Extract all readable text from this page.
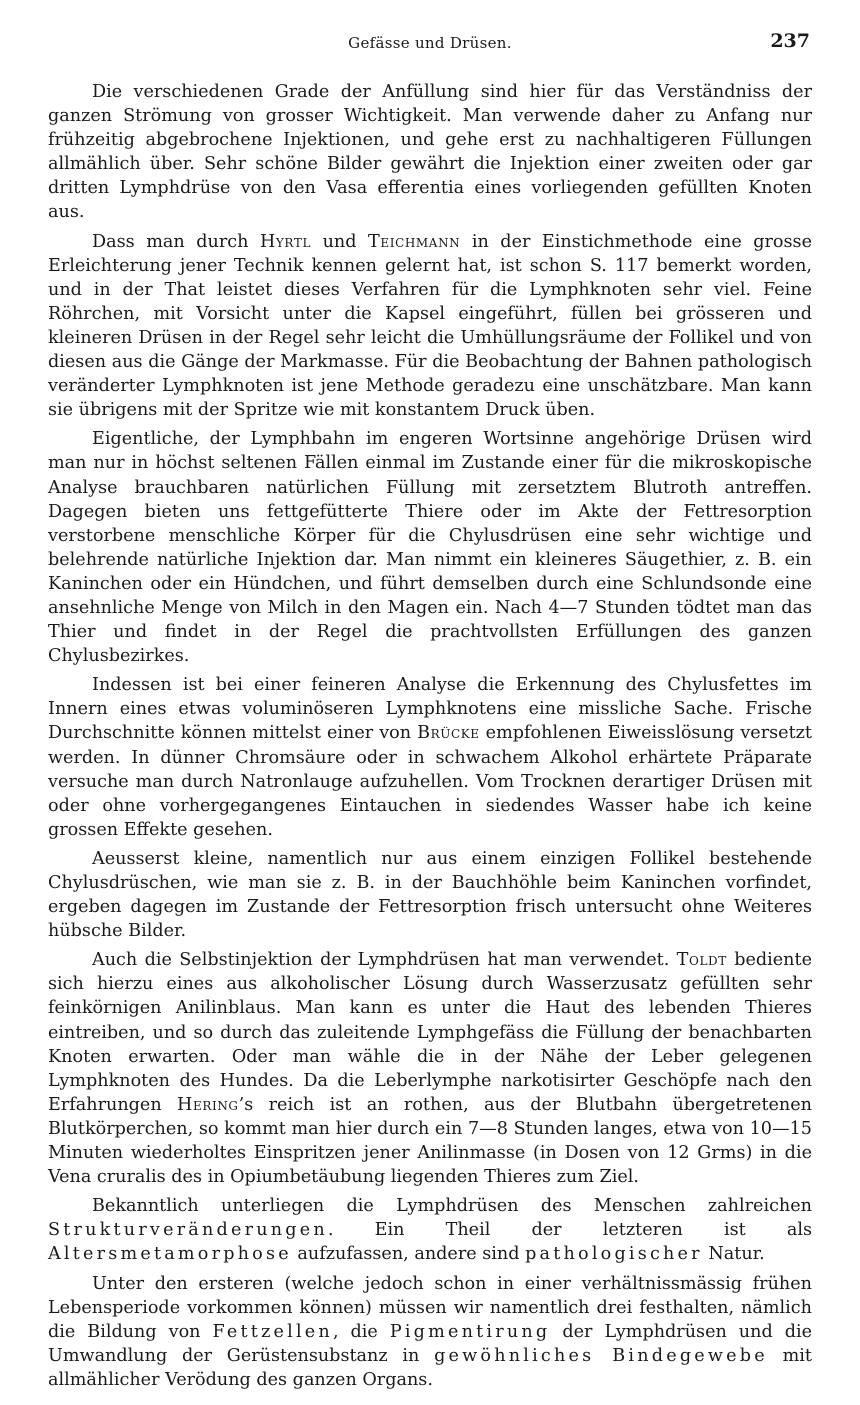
Gefässe und Drüsen.	237

Die verschiedenen Grade der Anfüllung sind hier für das Verständniss der ganzen Strömung von grosser Wichtigkeit. Man verwende daher zu Anfang nur frühzeitig abgebrochene Injektionen, und gehe erst zu nachhaltigeren Füllungen allmählich über. Sehr schöne Bilder gewährt die Injektion einer zweiten oder gar dritten Lymphdrüse von den Vasa efferentia eines vorliegenden gefüllten Knoten aus.

Dass man durch Hyrtl und Teichmann in der Einstichmethode eine grosse Erleichterung jener Technik kennen gelernt hat, ist schon S. 117 bemerkt worden, und in der That leistet dieses Verfahren für die Lymphknoten sehr viel. Feine Röhrchen, mit Vorsicht unter die Kapsel eingeführt, füllen bei grösseren und kleineren Drüsen in der Regel sehr leicht die Umhüllungsräume der Follikel und von diesen aus die Gänge der Markmasse. Für die Beobachtung der Bahnen pathologisch veränderter Lymphknoten ist jene Methode geradezu eine unschätzbare. Man kann sie übrigens mit der Spritze wie mit konstantem Druck üben.

Eigentliche, der Lymphbahn im engeren Wortsinne angehörige Drüsen wird man nur in höchst seltenen Fällen einmal im Zustande einer für die mikroskopische Analyse brauchbaren natürlichen Füllung mit zersetztem Blutroth antreffen. Dagegen bieten uns fettgefütterte Thiere oder im Akte der Fettresorption verstorbene menschliche Körper für die Chylusdrüsen eine sehr wichtige und belehrende natürliche Injektion dar. Man nimmt ein kleineres Säugethier, z. B. ein Kaninchen oder ein Hündchen, und führt demselben durch eine Schlundsonde eine ansehnliche Menge von Milch in den Magen ein. Nach 4—7 Stunden tödtet man das Thier und findet in der Regel die prachtvollsten Erfüllungen des ganzen Chylusbezirkes.

Indessen ist bei einer feineren Analyse die Erkennung des Chylusfettes im Innern eines etwas voluminöseren Lymphknotens eine missliche Sache. Frische Durchschnitte können mittelst einer von Brücke empfohlenen Eiweisslösung versetzt werden. In dünner Chromsäure oder in schwachem Alkohol erhärtete Präparate versuche man durch Natronlauge aufzuhellen. Vom Trocknen derartiger Drüsen mit oder ohne vorhergegangenes Eintauchen in siedendes Wasser habe ich keine grossen Effekte gesehen.

Aeusserst kleine, namentlich nur aus einem einzigen Follikel bestehende Chylusdrüschen, wie man sie z. B. in der Bauchhöhle beim Kaninchen vorfindet, ergeben dagegen im Zustande der Fettresorption frisch untersucht ohne Weiteres hübsche Bilder.

Auch die Selbstinjektion der Lymphdrüsen hat man verwendet. Toldt bediente sich hierzu eines aus alkoholischer Lösung durch Wasserzusatz gefüllten sehr feinkörnigen Anilinblaus. Man kann es unter die Haut des lebenden Thieres eintreiben, und so durch das zuleitende Lymphgefäss die Füllung der benachbarten Knoten erwarten. Oder man wähle die in der Nähe der Leber gelegenen Lymphknoten des Hundes. Da die Leberlymphe narkotisirter Geschöpfe nach den Erfahrungen Hering’s reich ist an rothen, aus der Blutbahn übergetretenen Blutkörperchen, so kommt man hier durch ein 7—8 Stunden langes, etwa von 10—15 Minuten wiederholtes Einspritzen jener Anilinmasse (in Dosen von 12 Grms) in die Vena cruralis des in Opiumbetäubung liegenden Thieres zum Ziel.

Bekanntlich unterliegen die Lymphdrüsen des Menschen zahlreichen Strukturveränderungen. Ein Theil der letzteren ist als Altersmetamorphose aufzufassen, andere sind pathologischer Natur.

Unter den ersteren (welche jedoch schon in einer verhältnissmässig frühen Lebensperiode vorkommen können) müssen wir namentlich drei festhalten, nämlich die Bildung von Fettzellen, die Pigmentirung der Lymphdrüsen und die Umwandlung der Gerüstensubstanz in gewöhnliches Bindegewebe mit allmählicher Verödung des ganzen Organs.
